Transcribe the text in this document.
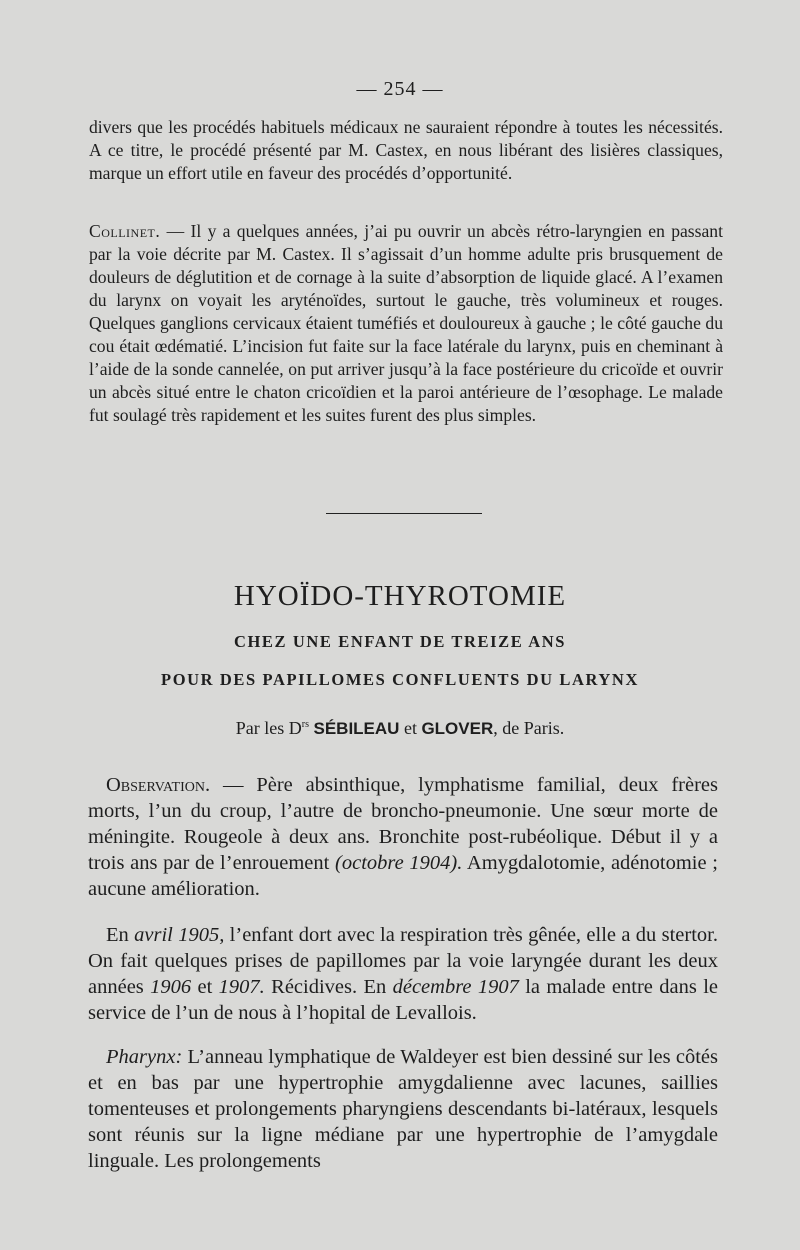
— 254 —

divers que les procédés habituels médicaux ne sauraient répondre à toutes les nécessités. A ce titre, le procédé présenté par M. Castex, en nous libérant des lisières classiques, marque un effort utile en faveur des procédés d’opportunité.

Collinet. — Il y a quelques années, j’ai pu ouvrir un abcès rétro-laryngien en passant par la voie décrite par M. Castex. Il s’agissait d’un homme adulte pris brusquement de douleurs de déglutition et de cornage à la suite d’absorption de liquide glacé. A l’examen du larynx on voyait les aryténoïdes, surtout le gauche, très volumineux et rouges. Quelques ganglions cervicaux étaient tuméfiés et douloureux à gauche ; le côté gauche du cou était œdématié. L’incision fut faite sur la face latérale du larynx, puis en cheminant à l’aide de la sonde cannelée, on put arriver jusqu’à la face postérieure du cricoïde et ouvrir un abcès situé entre le chaton cricoïdien et la paroi antérieure de l’œsophage. Le malade fut soulagé très rapidement et les suites furent des plus simples.

HYOÏDO-THYROTOMIE
CHEZ UNE ENFANT DE TREIZE ANS
POUR DES PAPILLOMES CONFLUENTS DU LARYNX
Par les $D^{rs}$ SÉBILEAU et GLOVER, de Paris.

Observation. — Père absinthique, lymphatisme familial, deux frères morts, l’un du croup, l’autre de broncho-pneumonie. Une sœur morte de méningite. Rougeole à deux ans. Bronchite post-rubéolique. Début il y a trois ans par de l’enrouement (octobre 1904). Amygdalotomie, adénotomie ; aucune amélioration.

En avril 1905, l’enfant dort avec la respiration très gênée, elle a du stertor. On fait quelques prises de papillomes par la voie laryngée durant les deux années 1906 et 1907. Récidives. En décembre 1907 la malade entre dans le service de l’un de nous à l’hopital de Levallois.

Pharynx: L’anneau lymphatique de Waldeyer est bien dessiné sur les côtés et en bas par une hypertrophie amygdalienne avec lacunes, saillies tomenteuses et prolongements pharyngiens descendants bi-latéraux, lesquels sont réunis sur la ligne médiane par une hypertrophie de l’amygdale linguale. Les prolongements
